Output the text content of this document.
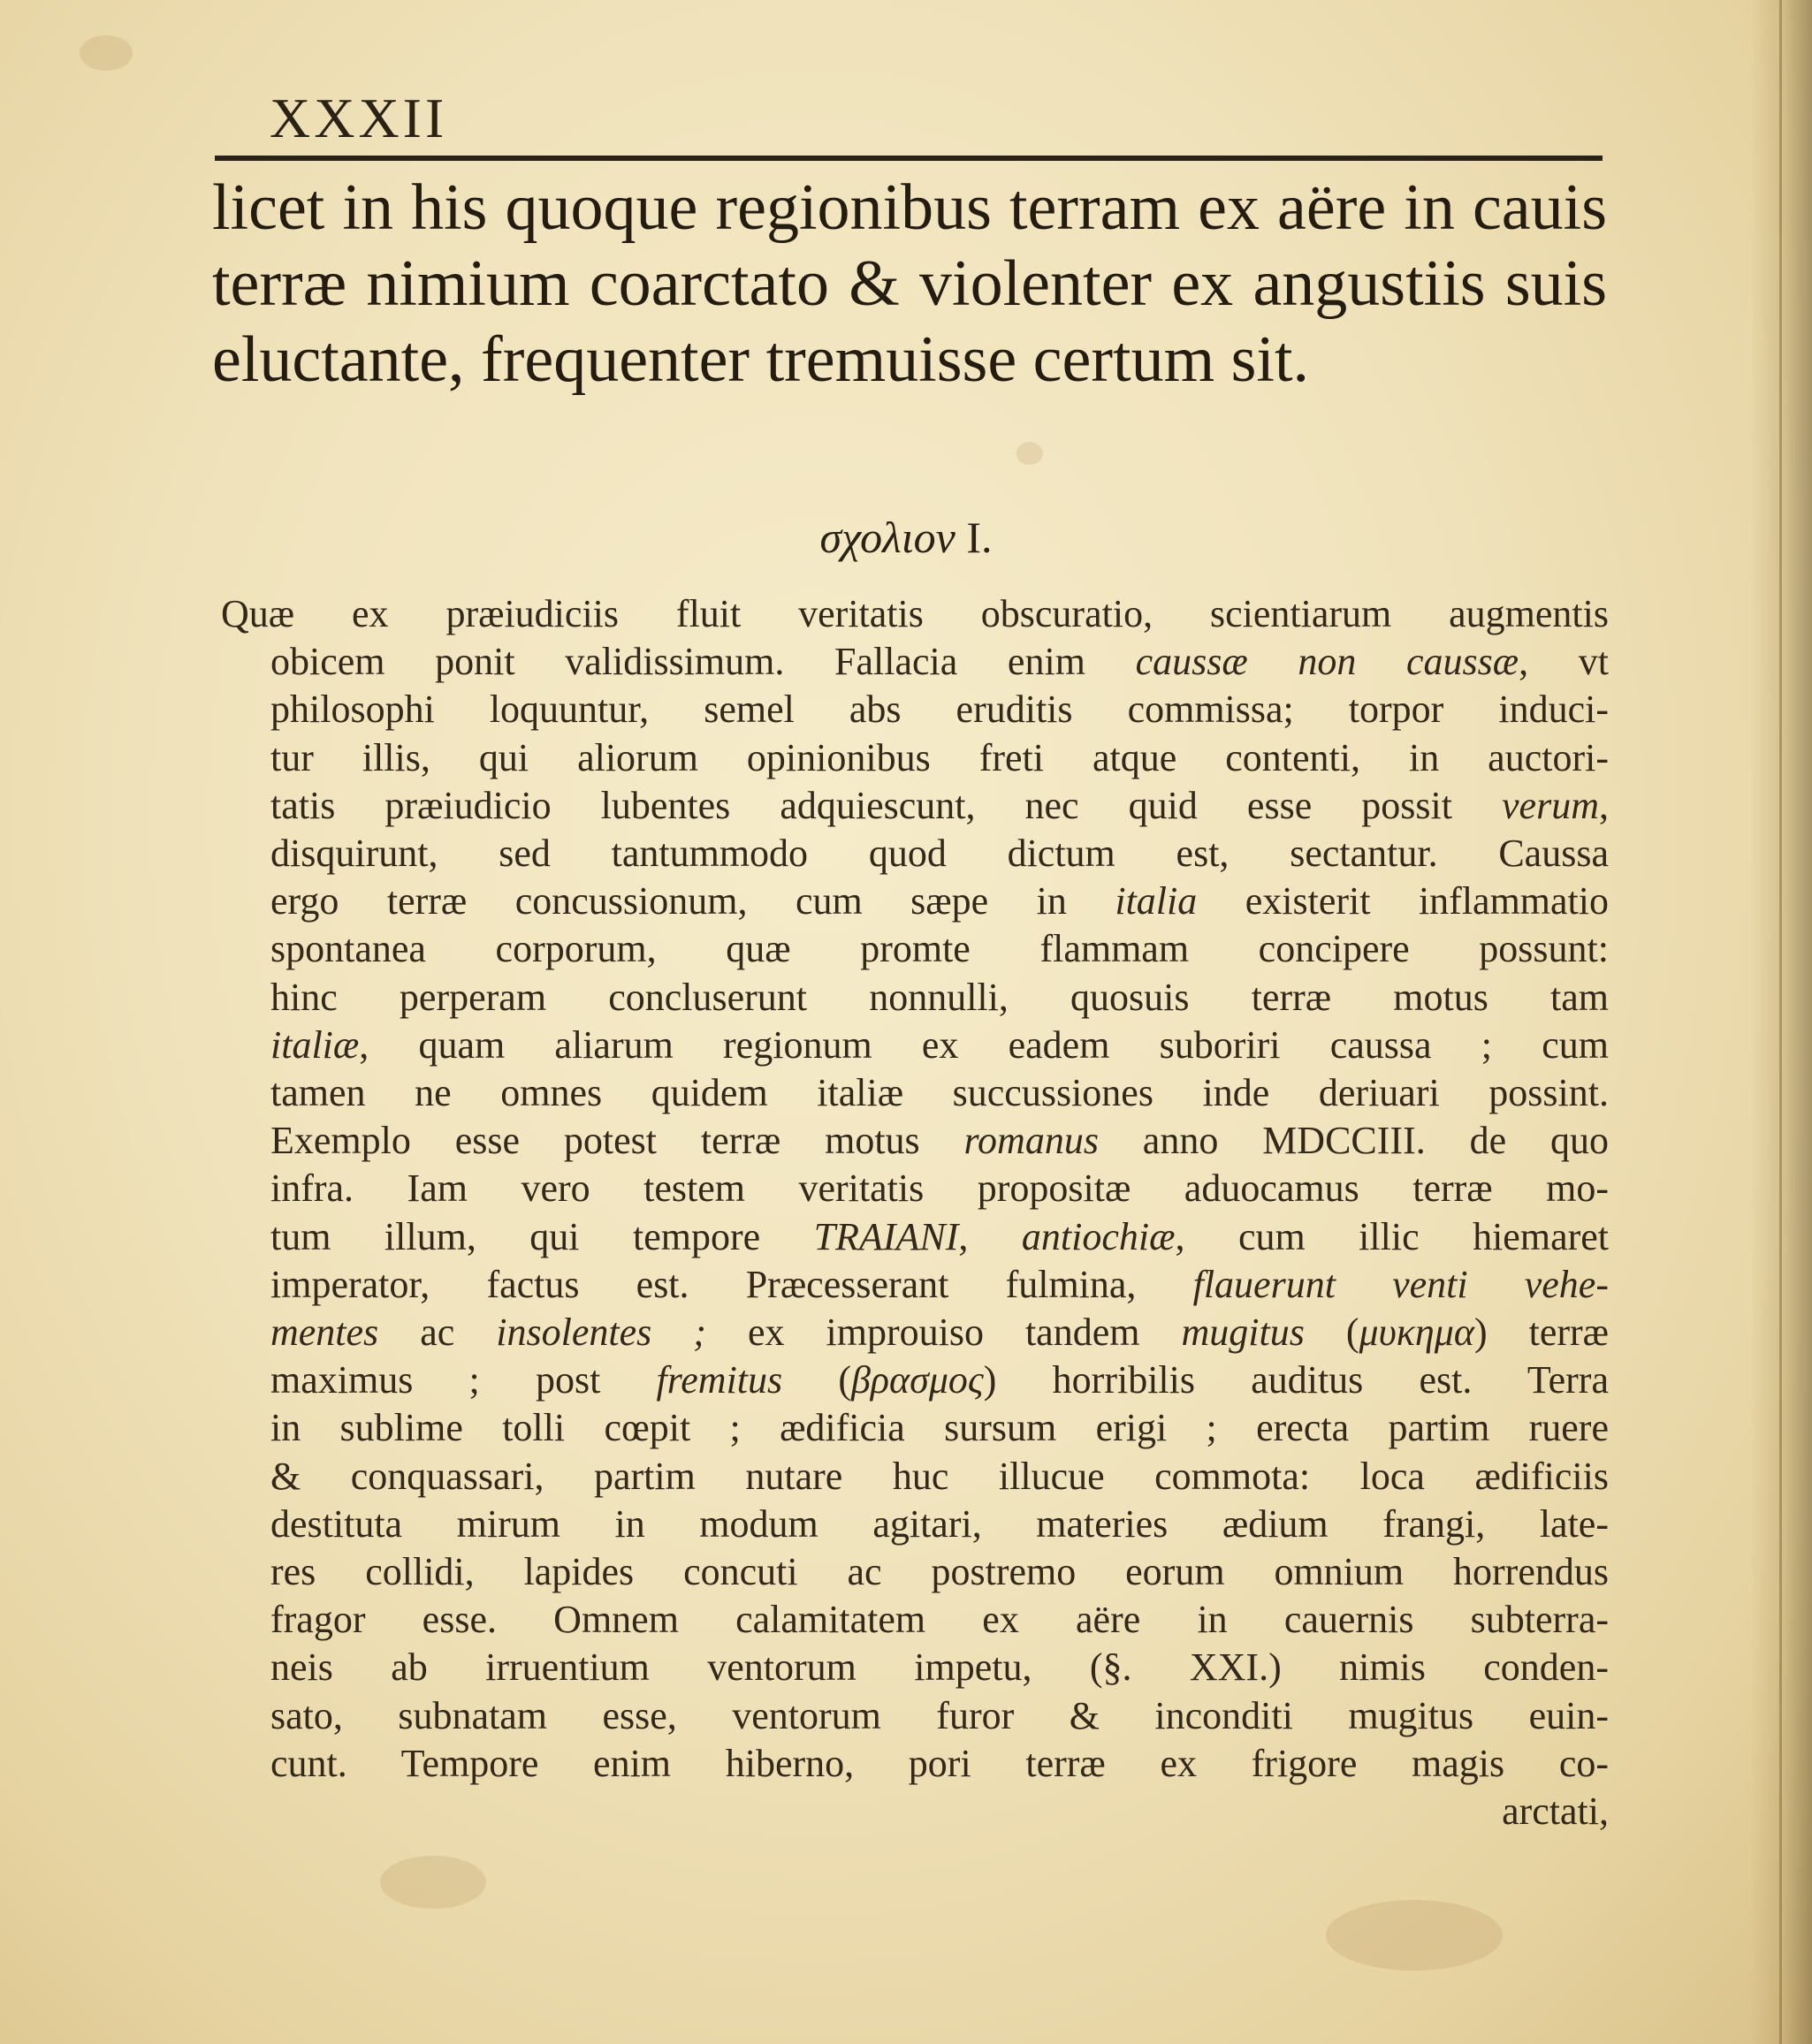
XXXII

licet in his quoque regionibus terram ex aëre in cauis terræ nimium coarctato & violenter ex angustiis suis eluctante, frequenter tremuisse certum sit.

σχολιον I.
Quæ ex præiudiciis fluit veritatis obscuratio, scientiarum augmentis
obicem ponit validissimum. Fallacia enim caussæ non caussæ, vt
philosophi loquuntur, semel abs eruditis commissa; torpor induci-
tur illis, qui aliorum opinionibus freti atque contenti, in auctori-
tatis præiudicio lubentes adquiescunt, nec quid esse possit verum,
disquirunt, sed tantummodo quod dictum est, sectantur. Caussa
ergo terræ concussionum, cum sæpe in italia existerit inflammatio
spontanea corporum, quæ promte flammam concipere possunt:
hinc perperam concluserunt nonnulli, quosuis terræ motus tam
italiæ, quam aliarum regionum ex eadem suboriri caussa ; cum
tamen ne omnes quidem italiæ succussiones inde deriuari possint.
Exemplo esse potest terræ motus romanus anno MDCCIII. de quo
infra. Iam vero testem veritatis propositæ aduocamus terræ mo-
tum illum, qui tempore TRAIANI, antiochiæ, cum illic hiemaret
imperator, factus est. Præcesserant fulmina, flauerunt venti vehe-
mentes ac insolentes ; ex improuiso tandem mugitus (μυκημα) terræ
maximus ; post fremitus (βρασμος) horribilis auditus est. Terra
in sublime tolli cœpit ; ædificia sursum erigi ; erecta partim ruere
& conquassari, partim nutare huc illucue commota: loca ædificiis
destituta mirum in modum agitari, materies ædium frangi, late-
res collidi, lapides concuti ac postremo eorum omnium horrendus
fragor esse. Omnem calamitatem ex aëre in cauernis subterra-
neis ab irruentium ventorum impetu, (§. XXI.) nimis conden-
sato, subnatam esse, ventorum furor & inconditi mugitus euin-
cunt. Tempore enim hiberno, pori terræ ex frigore magis co-
arctati,
